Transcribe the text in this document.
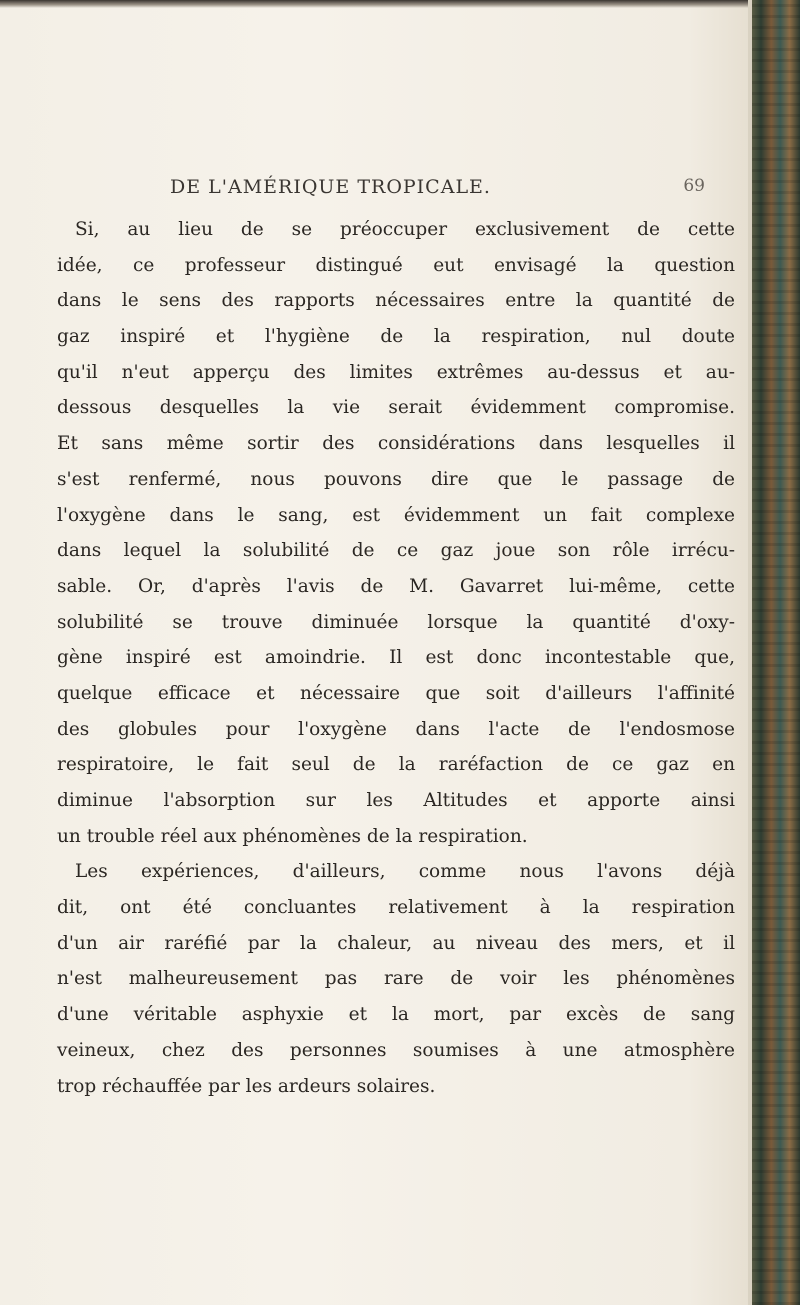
DE L'AMÉRIQUE TROPICALE.	69
Si, au lieu de se préoccuper exclusivement de cette
idée, ce professeur distingué eut envisagé la question
dans le sens des rapports nécessaires entre la quantité de
gaz inspiré et l'hygiène de la respiration, nul doute
qu'il n'eut apperçu des limites extrêmes au-dessus et au-
dessous desquelles la vie serait évidemment compromise.
Et sans même sortir des considérations dans lesquelles il
s'est renfermé, nous pouvons dire que le passage de
l'oxygène dans le sang, est évidemment un fait complexe
dans lequel la solubilité de ce gaz joue son rôle irrécu-
sable. Or, d'après l'avis de M. Gavarret lui-même, cette
solubilité se trouve diminuée lorsque la quantité d'oxy-
gène inspiré est amoindrie. Il est donc incontestable que,
quelque efficace et nécessaire que soit d'ailleurs l'affinité
des globules pour l'oxygène dans l'acte de l'endosmose
respiratoire, le fait seul de la raréfaction de ce gaz en
diminue l'absorption sur les Altitudes et apporte ainsi
un trouble réel aux phénomènes de la respiration.
Les expériences, d'ailleurs, comme nous l'avons déjà
dit, ont été concluantes relativement à la respiration
d'un air raréfié par la chaleur, au niveau des mers, et il
n'est malheureusement pas rare de voir les phénomènes
d'une véritable asphyxie et la mort, par excès de sang
veineux, chez des personnes soumises à une atmosphère
trop réchauffée par les ardeurs solaires.
